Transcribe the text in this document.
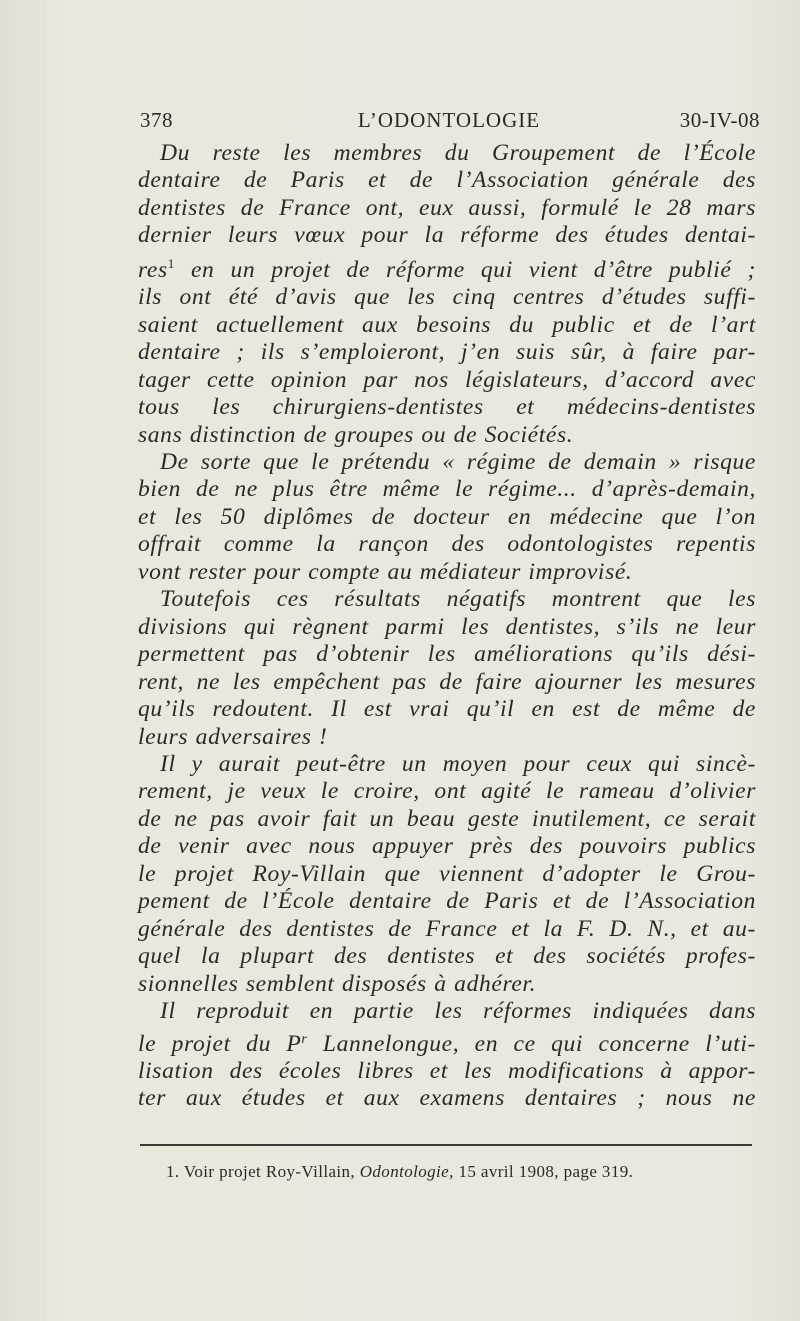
378	L’ODONTOLOGIE	30-IV-08
Du reste les membres du Groupement de l’École
dentaire de Paris et de l’Association générale des
dentistes de France ont, eux aussi, formulé le 28 mars
dernier leurs vœux pour la réforme des études dentai-
res$^1$ en un projet de réforme qui vient d’être publié ;
ils ont été d’avis que les cinq centres d’études suffi-
saient actuellement aux besoins du public et de l’art
dentaire ; ils s’emploieront, j’en suis sûr, à faire par-
tager cette opinion par nos législateurs, d’accord avec
tous les chirurgiens-dentistes et médecins-dentistes
sans distinction de groupes ou de Sociétés.
De sorte que le prétendu « régime de demain » risque
bien de ne plus être même le régime... d’après-demain,
et les 50 diplômes de docteur en médecine que l’on
offrait comme la rançon des odontologistes repentis
vont rester pour compte au médiateur improvisé.
Toutefois ces résultats négatifs montrent que les
divisions qui règnent parmi les dentistes, s’ils ne leur
permettent pas d’obtenir les améliorations qu’ils dési-
rent, ne les empêchent pas de faire ajourner les mesures
qu’ils redoutent. Il est vrai qu’il en est de même de
leurs adversaires !
Il y aurait peut-être un moyen pour ceux qui sincè-
rement, je veux le croire, ont agité le rameau d’olivier
de ne pas avoir fait un beau geste inutilement, ce serait
de venir avec nous appuyer près des pouvoirs publics
le projet Roy-Villain que viennent d’adopter le Grou-
pement de l’École dentaire de Paris et de l’Association
générale des dentistes de France et la F. D. N., et au-
quel la plupart des dentistes et des sociétés profes-
sionnelles semblent disposés à adhérer.
Il reproduit en partie les réformes indiquées dans
le projet du $P^r$ Lannelongue, en ce qui concerne l’uti-
lisation des écoles libres et les modifications à appor-
ter aux études et aux examens dentaires ; nous ne
1. Voir projet Roy-Villain, Odontologie, 15 avril 1908, page 319.
